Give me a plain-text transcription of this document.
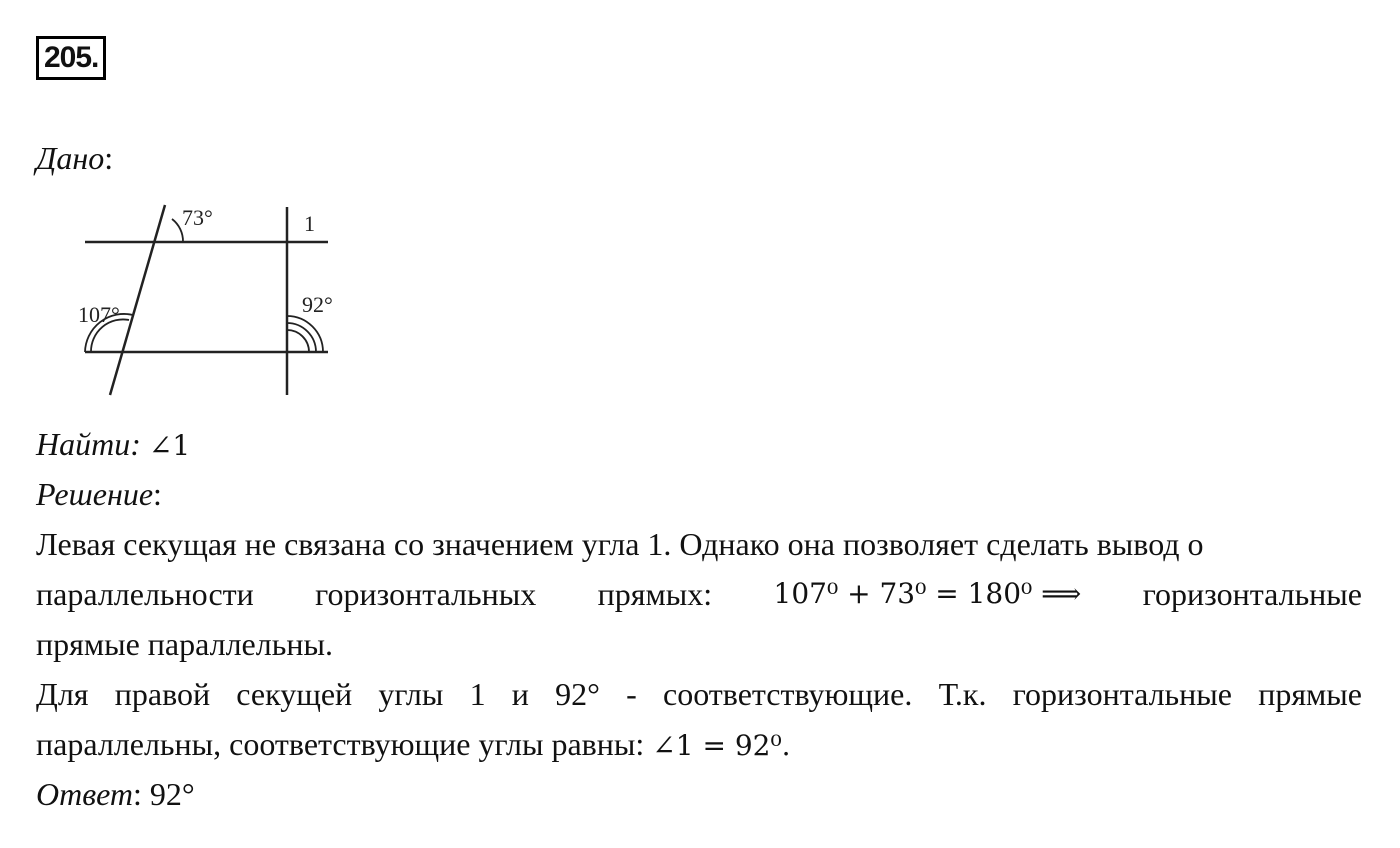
205.
Дано:
73°	1
107°	92°
Найти: ∠1
Решение:
Левая секущая не связана со значением угла 1. Однако она позволяет сделать вывод о
параллельности горизонтальных прямых: 107⁰ + 73⁰ = 180⁰ ⟹ горизонтальные
прямые параллельны.
Для правой секущей углы 1 и 92° - соответствующие. Т.к. горизонтальные прямые
параллельны, соответствующие углы равны: ∠1 = 92⁰.
Ответ: 92°
